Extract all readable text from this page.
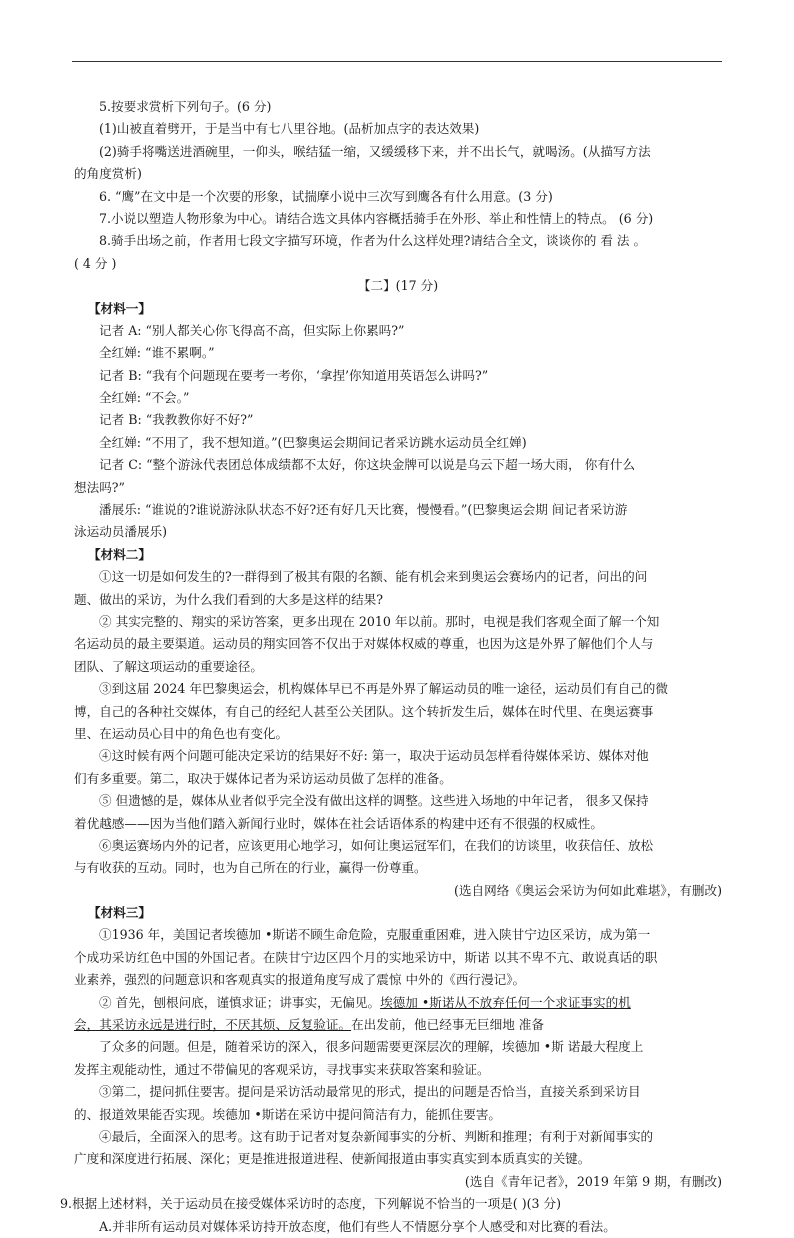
5.按要求赏析下列句子。(6 分)
(1)山被直着劈开，于是当中有七八里谷地。(品析加点字的表达效果)
(2)骑手将嘴送进酒碗里，一仰头，喉结猛一缩，又缓缓移下来，并不出长气，就喝汤。(从描写方法
的角度赏析)
6. “鹰”在文中是一个次要的形象，试揣摩小说中三次写到鹰各有什么用意。(3 分)
7.小说以塑造人物形象为中心。请结合选文具体内容概括骑手在外形、举止和性情上的特点。 (6 分)
8.骑手出场之前，作者用七段文字描写环境，作者为什么这样处理?请结合全文，谈谈你的 看 法 。
( 4 分 )
【二】(17 分)
【材料一】
记者 A: “别人都关心你飞得高不高，但实际上你累吗?”
全红婵: “谁不累啊。”
记者 B: “我有个问题现在要考一考你，‘拿捏’你知道用英语怎么讲吗?”
全红婵: “不会。”
记者 B: “我教教你好不好?”
全红婵: “不用了，我不想知道。”(巴黎奥运会期间记者采访跳水运动员全红婵)
记者 C: “整个游泳代表团总体成绩都不太好，你这块金牌可以说是乌云下超一场大雨， 你有什么
想法吗?”
潘展乐: “谁说的?谁说游泳队状态不好?还有好几天比赛，慢慢看。”(巴黎奥运会期 间记者采访游
泳运动员潘展乐)
【材料二】
①这一切是如何发生的?一群得到了极其有限的名额、能有机会来到奥运会赛场内的记者，问出的问
题、做出的采访，为什么我们看到的大多是这样的结果?
② 其实完整的、翔实的采访答案，更多出现在 2010 年以前。那时，电视是我们客观全面了解一个知
名运动员的最主要渠道。运动员的翔实回答不仅出于对媒体权威的尊重，也因为这是外界了解他们个人与
团队、了解这项运动的重要途径。
③到这届 2024 年巴黎奥运会，机构媒体早已不再是外界了解运动员的唯一途径，运动员们有自己的微
博，自己的各种社交媒体，有自己的经纪人甚至公关团队。这个转折发生后，媒体在时代里、在奥运赛事
里、在运动员心目中的角色也有变化。
④这时候有两个问题可能决定采访的结果好不好: 第一，取决于运动员怎样看待媒体采访、媒体对他
们有多重要。第二，取决于媒体记者为采访运动员做了怎样的准备。
⑤ 但遗憾的是，媒体从业者似乎完全没有做出这样的调整。这些进入场地的中年记者， 很多又保持
着优越感——因为当他们踏入新闻行业时，媒体在社会话语体系的构建中还有不很强的权威性。
⑥奥运赛场内外的记者，应该更用心地学习，如何让奥运冠军们，在我们的访谈里，收获信任、放松
与有收获的互动。同时，也为自己所在的行业，赢得一份尊重。
(选自网络《奥运会采访为何如此难堪》，有删改)
【材料三】
①1936 年，美国记者埃德加 •斯诺不顾生命危险，克服重重困难，进入陕甘宁边区采访，成为第一
个成功采访红色中国的外国记者。在陕甘宁边区四个月的实地采访中，斯诺 以其不卑不亢、敢说真话的职
业素养，强烈的问题意识和客观真实的报道角度写成了震惊 中外的《西行漫记》。
② 首先，刨根问底，谨慎求证；讲事实，无偏见。埃德加 •斯诺从不放弃任何一个求证事实的机
会，其采访永远是进行时，不厌其烦、反复验证。在出发前，他已经事无巨细地 准备
了众多的问题。但是，随着采访的深入，很多问题需要更深层次的理解，埃德加 •斯 诺最大程度上
发挥主观能动性，通过不带偏见的客观采访，寻找事实来获取答案和验证。
③第二，提问抓住要害。提问是采访活动最常见的形式，提出的问题是否恰当，直接关系到采访目
的、报道效果能否实现。埃德加 •斯诺在采访中提问简洁有力，能抓住要害。
④最后，全面深入的思考。这有助于记者对复杂新闻事实的分析、判断和推理；有利于对新闻事实的
广度和深度进行拓展、深化；更是推进报道进程、使新闻报道由事实真实到本质真实的关键。
(选自《青年记者》，2019 年第 9 期，有删改)
9.根据上述材料，关于运动员在接受媒体采访时的态度，下列解说不恰当的一项是( )(3 分)
A.并非所有运动员对媒体采访持开放态度，他们有些人不情愿分享个人感受和对比赛的看法。
